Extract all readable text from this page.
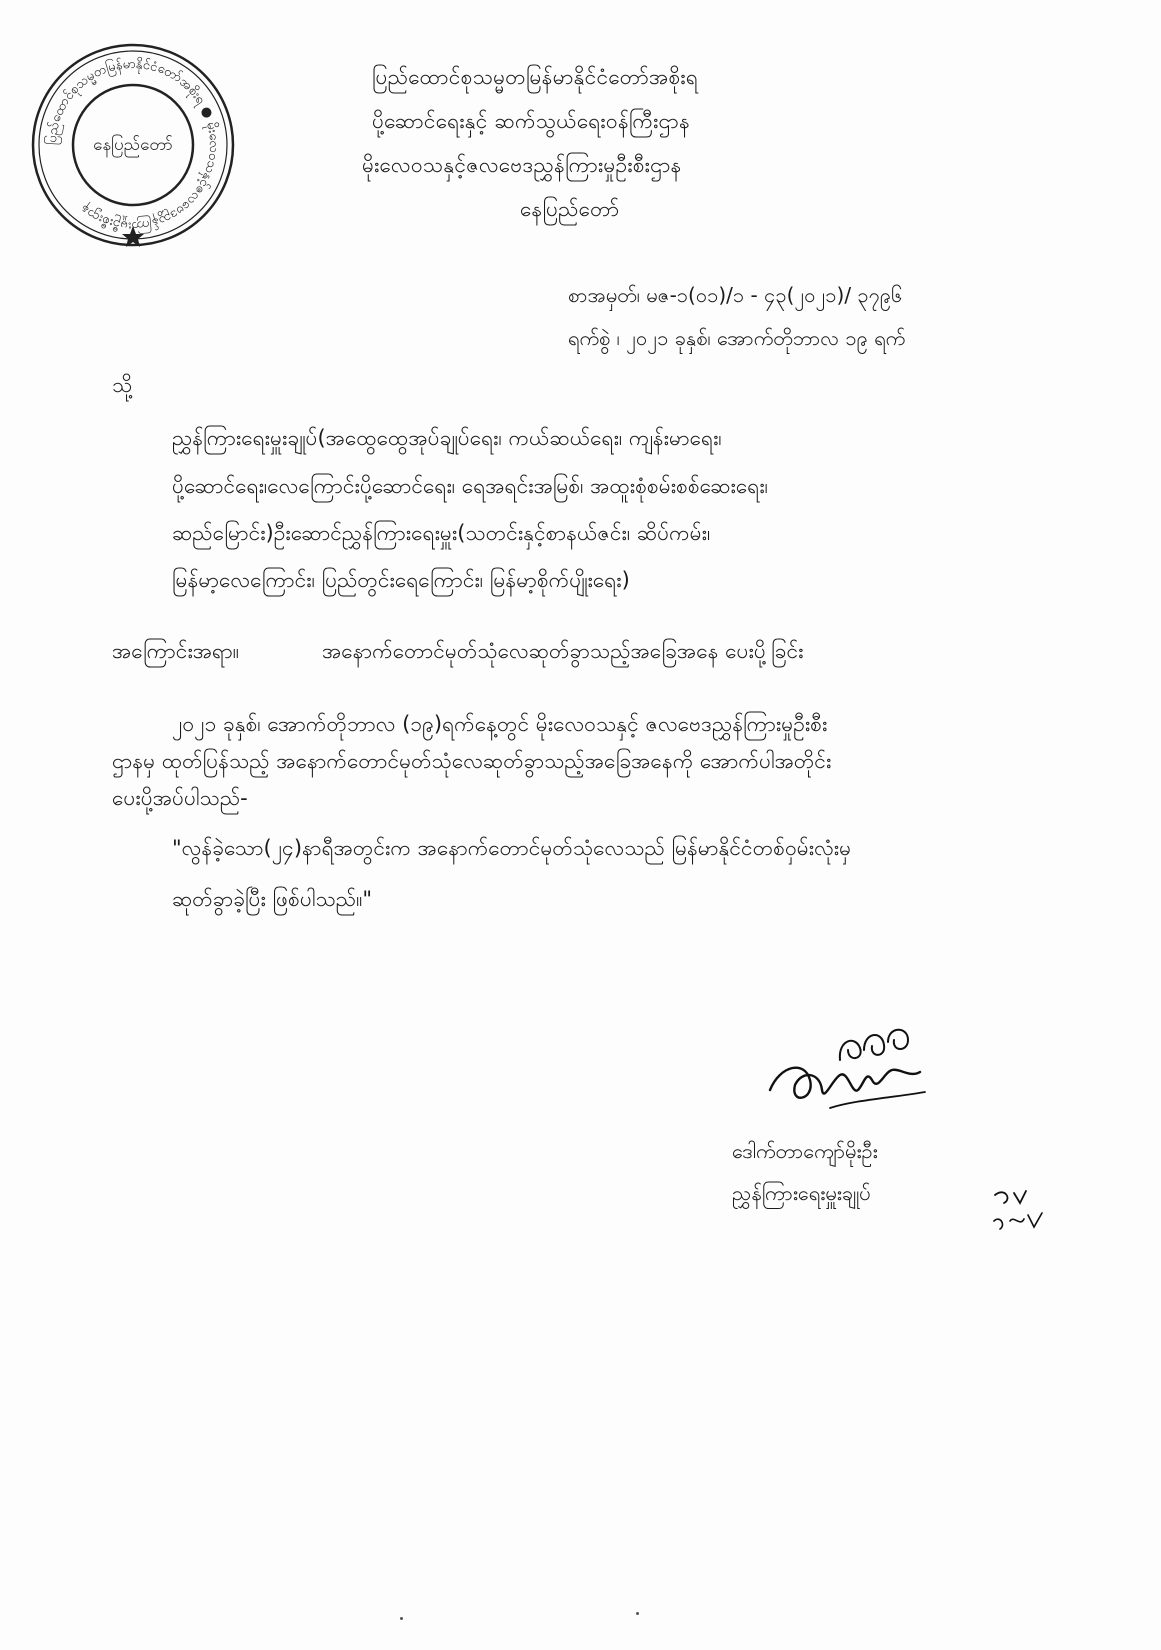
ပြည်ထောင်စုသမ္မတမြန်မာနိုင်ငံတော်အစိုးရ ● မိုးလေဝသနှင့်ဇလဗေဒညွှန်ကြားမှုဦးစီးဌာန
နေပြည်တော်
ပြည်ထောင်စုသမ္မတမြန်မာနိုင်ငံတော်အစိုးရ
ပို့ဆောင်ရေးနှင့် ဆက်သွယ်ရေးဝန်ကြီးဌာန
မိုးလေဝသနှင့်ဇလဗေဒညွှန်ကြားမှုဦးစီးဌာန
နေပြည်တော်
စာအမှတ်၊ မဇ-၁(၀၁)/၁ - ၄၃(၂၀၂၁)/ ၃၇၉၆
ရက်စွဲ ၊ ၂၀၂၁ ခုနှစ်၊ အောက်တိုဘာလ ၁၉ ရက်
သို့
ညွှန်ကြားရေးမှူးချုပ်(အထွေထွေအုပ်ချုပ်ရေး၊ ကယ်ဆယ်ရေး၊ ကျန်းမာရေး၊
ပို့ဆောင်ရေး၊လေကြောင်းပို့ဆောင်ရေး၊ ရေအရင်းအမြစ်၊ အထူးစုံစမ်းစစ်ဆေးရေး၊
ဆည်မြောင်း)ဦးဆောင်ညွှန်ကြားရေးမှူး(သတင်းနှင့်စာနယ်ဇင်း၊ ဆိပ်ကမ်း၊
မြန်မာ့လေကြောင်း၊ ပြည်တွင်းရေကြောင်း၊ မြန်မာ့စိုက်ပျိုးရေး)
အကြောင်းအရာ။	အနောက်တောင်မုတ်သုံလေဆုတ်ခွာသည့်အခြေအနေ ပေးပို့ခြင်း
၂၀၂၁ ခုနှစ်၊ အောက်တိုဘာလ (၁၉)ရက်နေ့တွင် မိုးလေဝသနှင့် ဇလဗေဒညွှန်ကြားမှုဦးစီး
ဌာနမှ ထုတ်ပြန်သည့် အနောက်တောင်မုတ်သုံလေဆုတ်ခွာသည့်အခြေအနေကို အောက်ပါအတိုင်း
ပေးပို့အပ်ပါသည်-
"လွန်ခဲ့သော(၂၄)နာရီအတွင်းက အနောက်တောင်မုတ်သုံလေသည် မြန်မာနိုင်ငံတစ်ဝှမ်းလုံးမှ
ဆုတ်ခွာခဲ့ပြီး ဖြစ်ပါသည်။"
ဒေါက်တာကျော်မိုးဦး
ညွှန်ကြားရေးမှူးချုပ်
